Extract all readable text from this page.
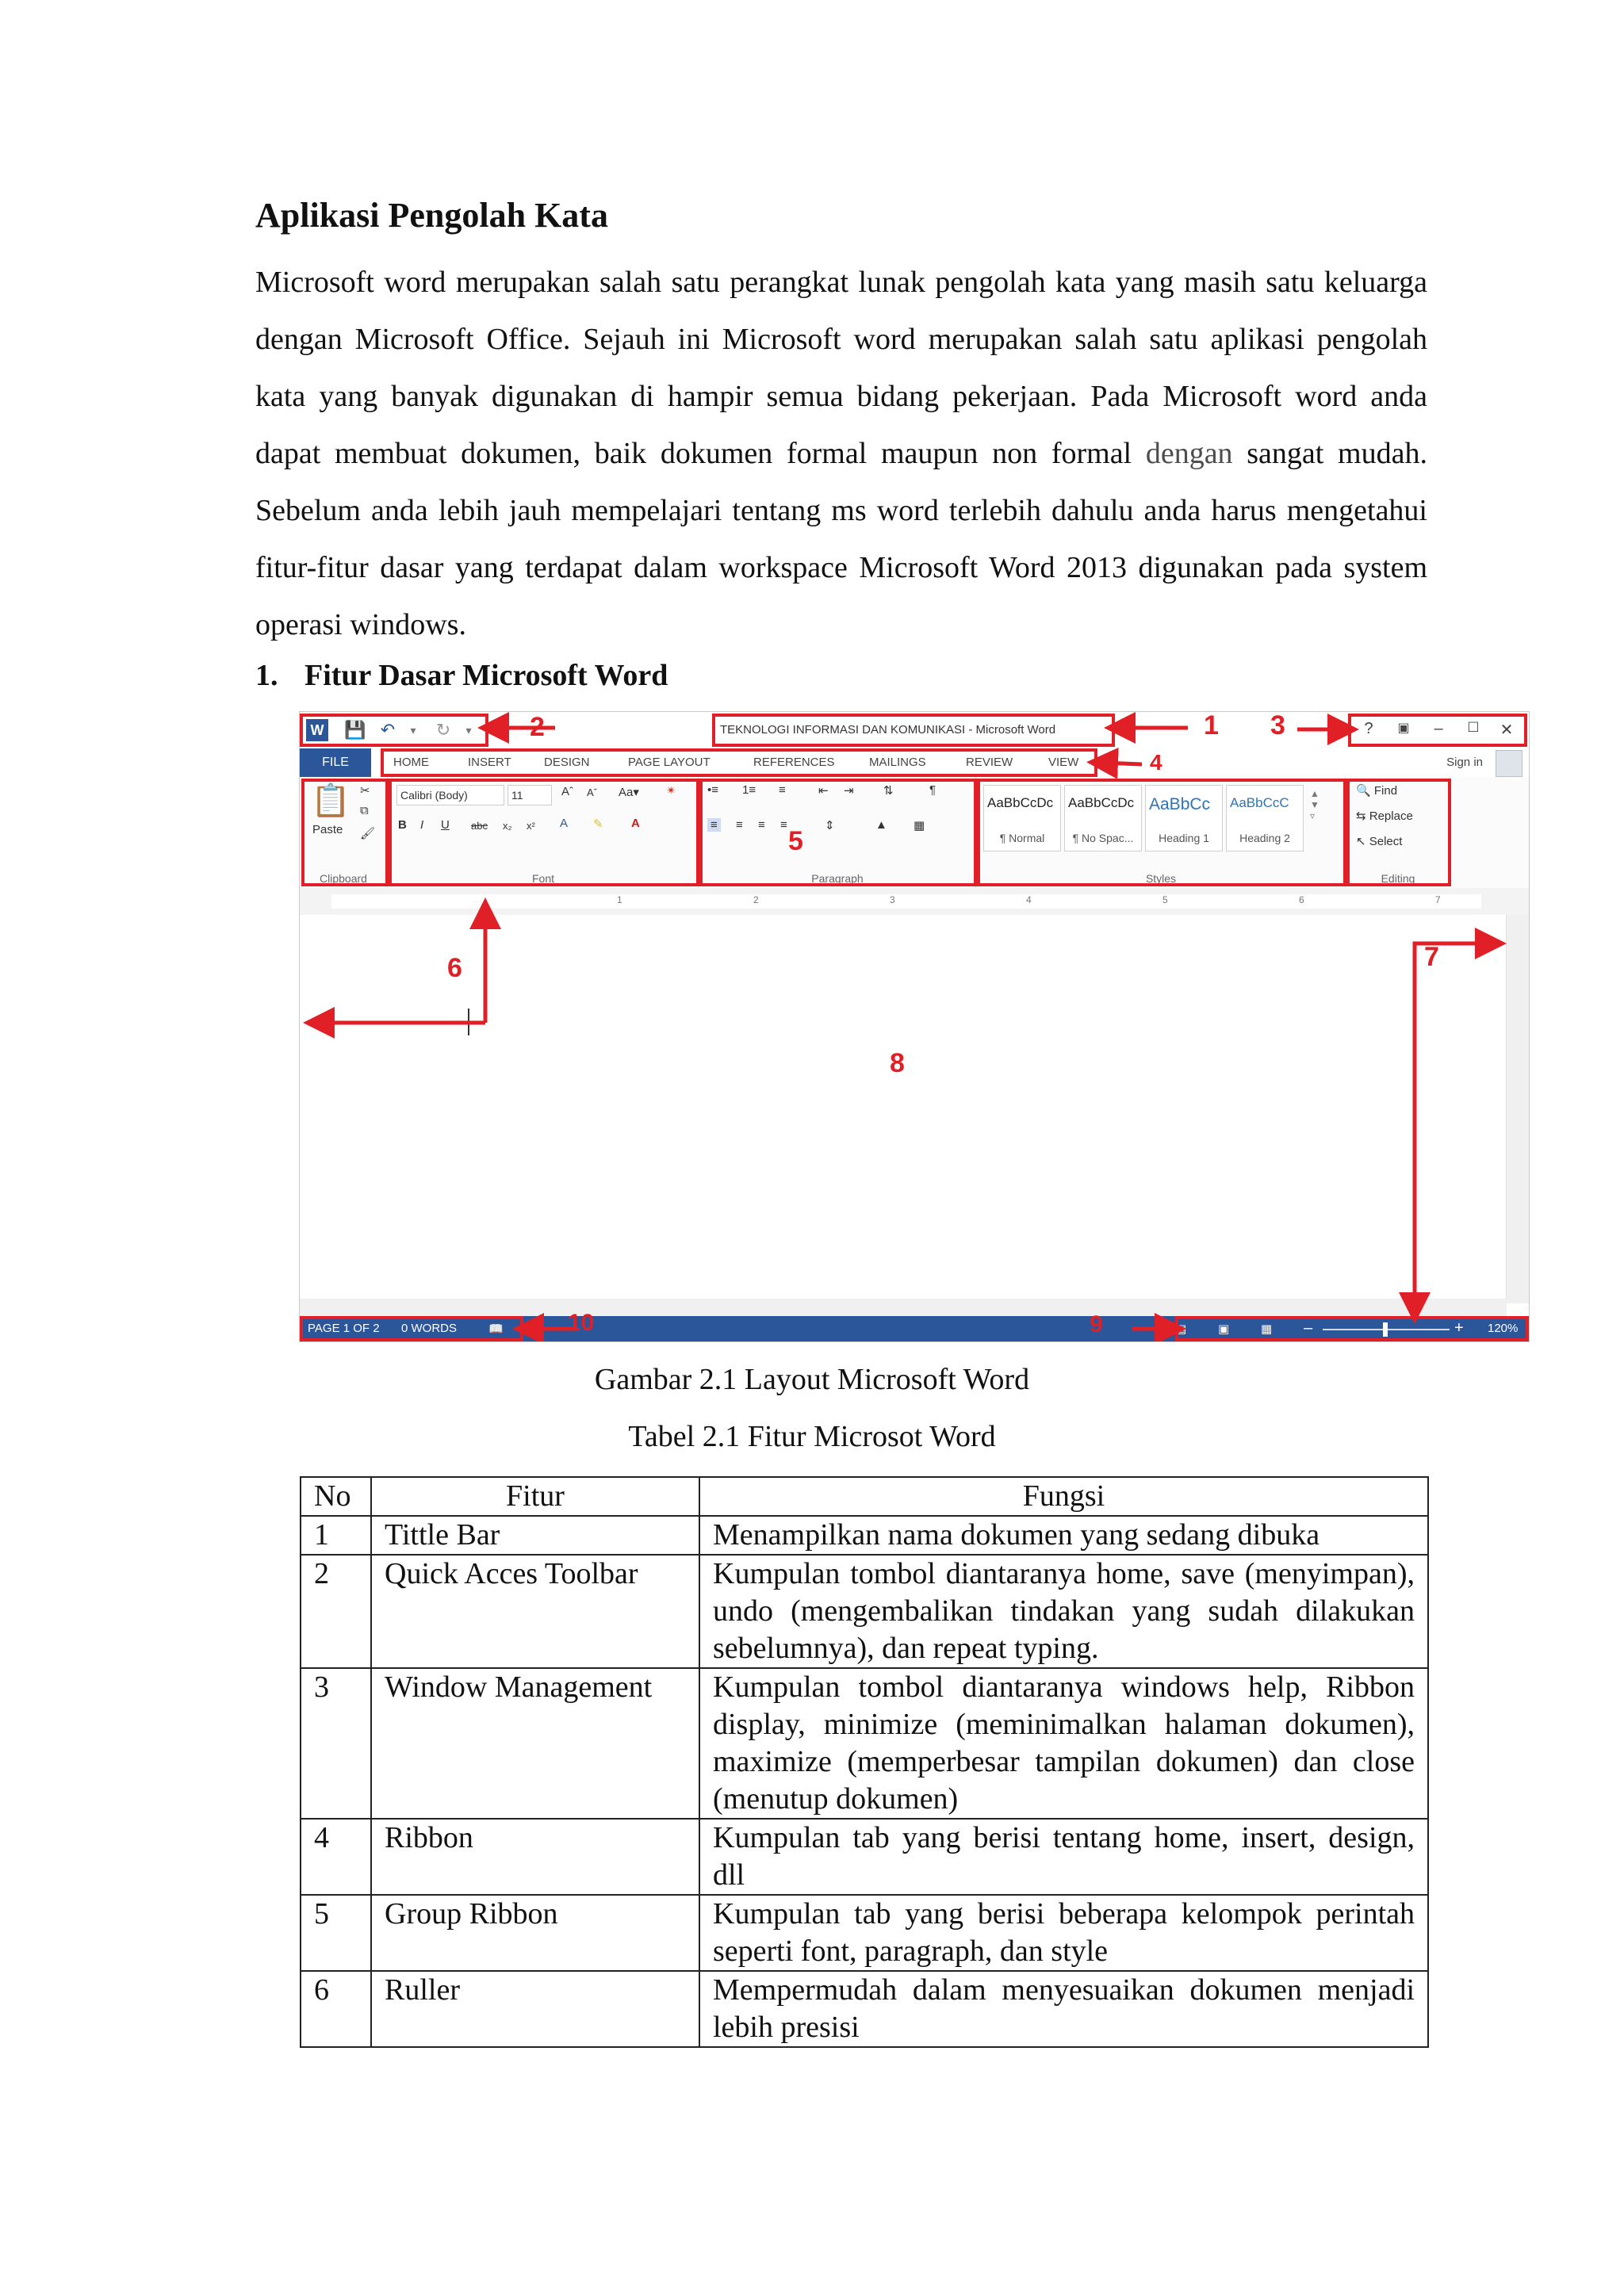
Aplikasi Pengolah Kata

Microsoft word merupakan salah satu perangkat lunak pengolah kata yang masih satu keluarga dengan Microsoft Office. Sejauh ini Microsoft word merupakan salah satu aplikasi pengolah kata yang banyak digunakan di hampir semua bidang pekerjaan. Pada Microsoft word anda dapat membuat dokumen, baik dokumen formal maupun non formal dengan sangat mudah. Sebelum anda lebih jauh mempelajari tentang ms word terlebih dahulu anda harus mengetahui fitur-fitur dasar yang terdapat dalam workspace Microsoft Word 2013 digunakan pada system operasi windows.

1. Fitur Dasar Microsoft Word
W 💾 ↶	▾	↻	▾	TEKNOLOGI INFORMASI DAN KOMUNIKASI - Microsoft Word	?	▣	–	☐	✕
FILE	HOME	INSERT	DESIGN	PAGE LAYOUT	REFERENCES	MAILINGS	REVIEW	VIEW	Sign in
📋
Paste
✂
⧉
🖌
Clipboard
Calibri (Body)	11	Aˆ Aˇ Aa▾ ✴
B I U abc x₂ x² A ✎ A
Font
•≡ 1≡ ≡	⇤ ⇥ ⇅	¶
≡ ≡ ≡ ≡	⇕	▲ ▦
Paragraph
AaBbCcDc
¶ Normal
AaBbCcDc
¶ No Spac...
AaBbCc
Heading 1
AaBbCcC
Heading 2
▲
▼
▿
Styles
🔍 Find
⇆ Replace
↖ Select
Editing
1	2	3	4	5	6	7
PAGE 1 OF 2 0 WORDS	📖	▤	▣	▦ –	+ 120%
1
2	3
4
5
6	7
8
9
10

Gambar 2.1 Layout Microsoft Word

Tabel 2.1 Fitur Microsot Word

No	Fitur	Fungsi
1	Tittle Bar	Menampilkan nama dokumen yang sedang dibuka
2	Quick Acces Toolbar	Kumpulan tombol diantaranya home, save (menyimpan), undo (mengembalikan tindakan yang sudah dilakukan sebelumnya), dan repeat typing.
3	Window Management	Kumpulan tombol diantaranya windows help, Ribbon display, minimize (meminimalkan halaman dokumen), maximize (memperbesar tampilan dokumen) dan close (menutup dokumen)
4	Ribbon	Kumpulan tab yang berisi tentang home, insert, design, dll
5	Group Ribbon	Kumpulan tab yang berisi beberapa kelompok perintah seperti font, paragraph, dan style
6	Ruller	Mempermudah dalam menyesuaikan dokumen menjadi lebih presisi
